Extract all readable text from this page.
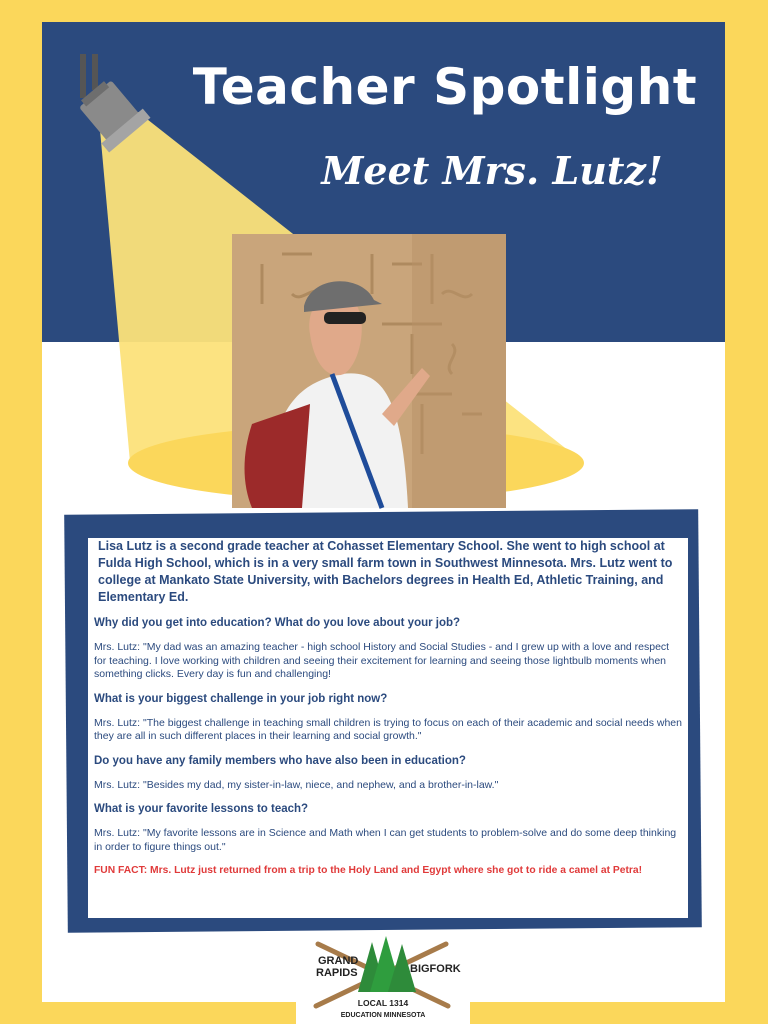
Teacher Spotlight
Meet Mrs. Lutz!

Lisa Lutz is a second grade teacher at Cohasset Elementary School. She went to high school at Fulda High School, which is in a very small farm town in Southwest Minnesota. Mrs. Lutz went to college at Mankato State University, with Bachelors degrees in Health Ed, Athletic Training, and Elementary Ed.

Why did you get into education? What do you love about your job?

Mrs. Lutz: "My dad was an amazing teacher - high school History and Social Studies - and I grew up with a love and respect for teaching. I love working with children and seeing their excitement for learning and seeing those lightbulb moments when something clicks. Every day is fun and challenging!

What is your biggest challenge in your job right now?

Mrs. Lutz: "The biggest challenge in teaching small children is trying to focus on each of their academic and social needs when they are all in such different places in their learning and social growth."

Do you have any family members who have also been in education?

Mrs. Lutz: "Besides my dad, my sister-in-law, niece, and nephew, and a brother-in-law."

What is your favorite lessons to teach?

Mrs. Lutz: "My favorite lessons are in Science and Math when I can get students to problem-solve and do some deep thinking in order to figure things out."

FUN FACT: Mrs. Lutz just returned from a trip to the Holy Land and Egypt where she got to ride a camel at Petra!

GRAND
RAPIDS	BIGFORK
LOCAL 1314
EDUCATION MINNESOTA
